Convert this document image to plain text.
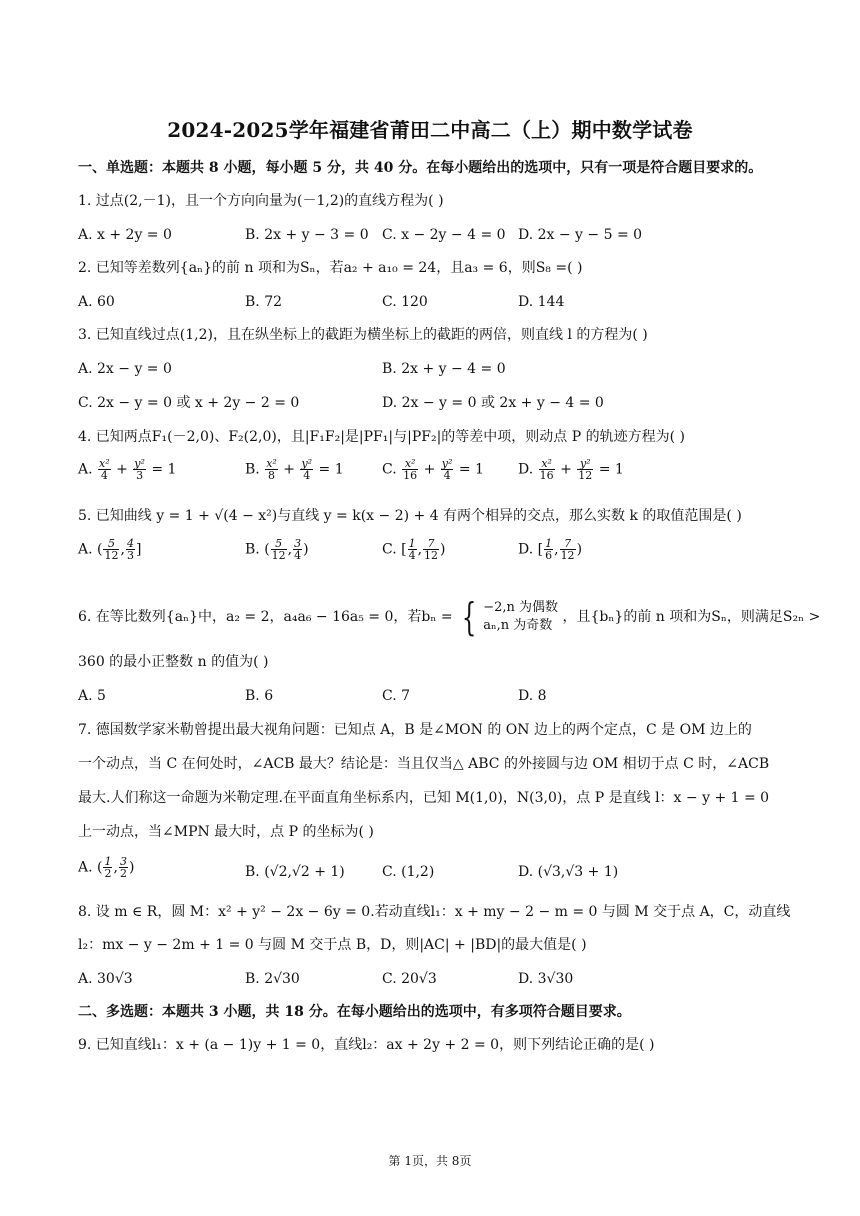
2024-2025学年福建省莆田二中高二（上）期中数学试卷
一、单选题：本题共 8 小题，每小题 5 分，共 40 分。在每小题给出的选项中，只有一项是符合题目要求的。
1. 过点(2,－1)，且一个方向向量为(－1,2)的直线方程为( )
A. x + 2y = 0	B. 2x + y − 3 = 0 C. x − 2y − 4 = 0 D. 2x − y − 5 = 0
2. 已知等差数列{aₙ}的前 n 项和为Sₙ，若a₂ + a₁₀ = 24，且a₃ = 6，则S₈ =( )
A. 60	B. 72	C. 120	D. 144
3. 已知直线过点(1,2)，且在纵坐标上的截距为横坐标上的截距的两倍，则直线 l 的方程为( )
A. 2x − y = 0	B. 2x + y − 4 = 0
C. 2x − y = 0 或 x + 2y − 2 = 0	D. 2x − y = 0 或 2x + y − 4 = 0
4. 已知两点F₁(－2,0)、F₂(2,0)，且|F₁F₂|是|PF₁|与|PF₂|的等差中项，则动点 P 的轨迹方程为( )
A. $\frac{\text{x²}}{4} + \frac{\text{y²}}{3} = 1$	B. $\frac{\text{x²}}{8} + \frac{\text{y²}}{4} = 1$	C. $\frac{\text{x²}}{16} + \frac{\text{y²}}{4} = 1$ D. $\frac{\text{x²}}{16} + \frac{\text{y²}}{12} = 1$
5. 已知曲线 y = 1 + √(4 − x²)与直线 y = k(x − 2) + 4 有两个相异的交点，那么实数 k 的取值范围是( )
A. ( $\frac{5}{12}$ , $\frac{4}{3}$ ]	B. ( $\frac{5}{12}$ , $\frac{3}{4}$ )	C. [ $\frac{1}{4}$ , $\frac{7}{12}$ )	D. [ $\frac{1}{6}$ , $\frac{7}{12}$ )
6. 在等比数列{aₙ}中，a₂ = 2，a₄a₆ − 16a₅ = 0，若bₙ = { −2,n 为偶数
aₙ,n 为奇数
，且{bₙ}的前 n 项和为Sₙ，则满足S₂ₙ >
360 的最小正整数 n 的值为( )
A. 5	B. 6	C. 7	D. 8
7. 德国数学家米勒曾提出最大视角问题：已知点 A，B 是∠MON 的 ON 边上的两个定点，C 是 OM 边上的
一个动点，当 C 在何处时，∠ACB 最大？结论是：当且仅当△ ABC 的外接圆与边 OM 相切于点 C 时，∠ACB
最大.人们称这一命题为米勒定理.在平面直角坐标系内，已知 M(1,0)，N(3,0)，点 P 是直线 l：x − y + 1 = 0
上一动点，当∠MPN 最大时，点 P 的坐标为( )
A. ( $\frac{1}{2}$ , $\frac{3}{2}$ )	B. (√2,√2 + 1)	C. (1,2)	D. (√3,√3 + 1)
8. 设 m ∈ R，圆 M：x² + y² − 2x − 6y = 0.若动直线l₁：x + my − 2 − m = 0 与圆 M 交于点 A，C，动直线
l₂：mx − y − 2m + 1 = 0 与圆 M 交于点 B，D，则|AC| + |BD|的最大值是( )
A. 30√3	B. 2√30	C. 20√3	D. 3√30
二、多选题：本题共 3 小题，共 18 分。在每小题给出的选项中，有多项符合题目要求。
9. 已知直线l₁：x + (a − 1)y + 1 = 0，直线l₂：ax + 2y + 2 = 0，则下列结论正确的是( )
第 1页，共 8页
